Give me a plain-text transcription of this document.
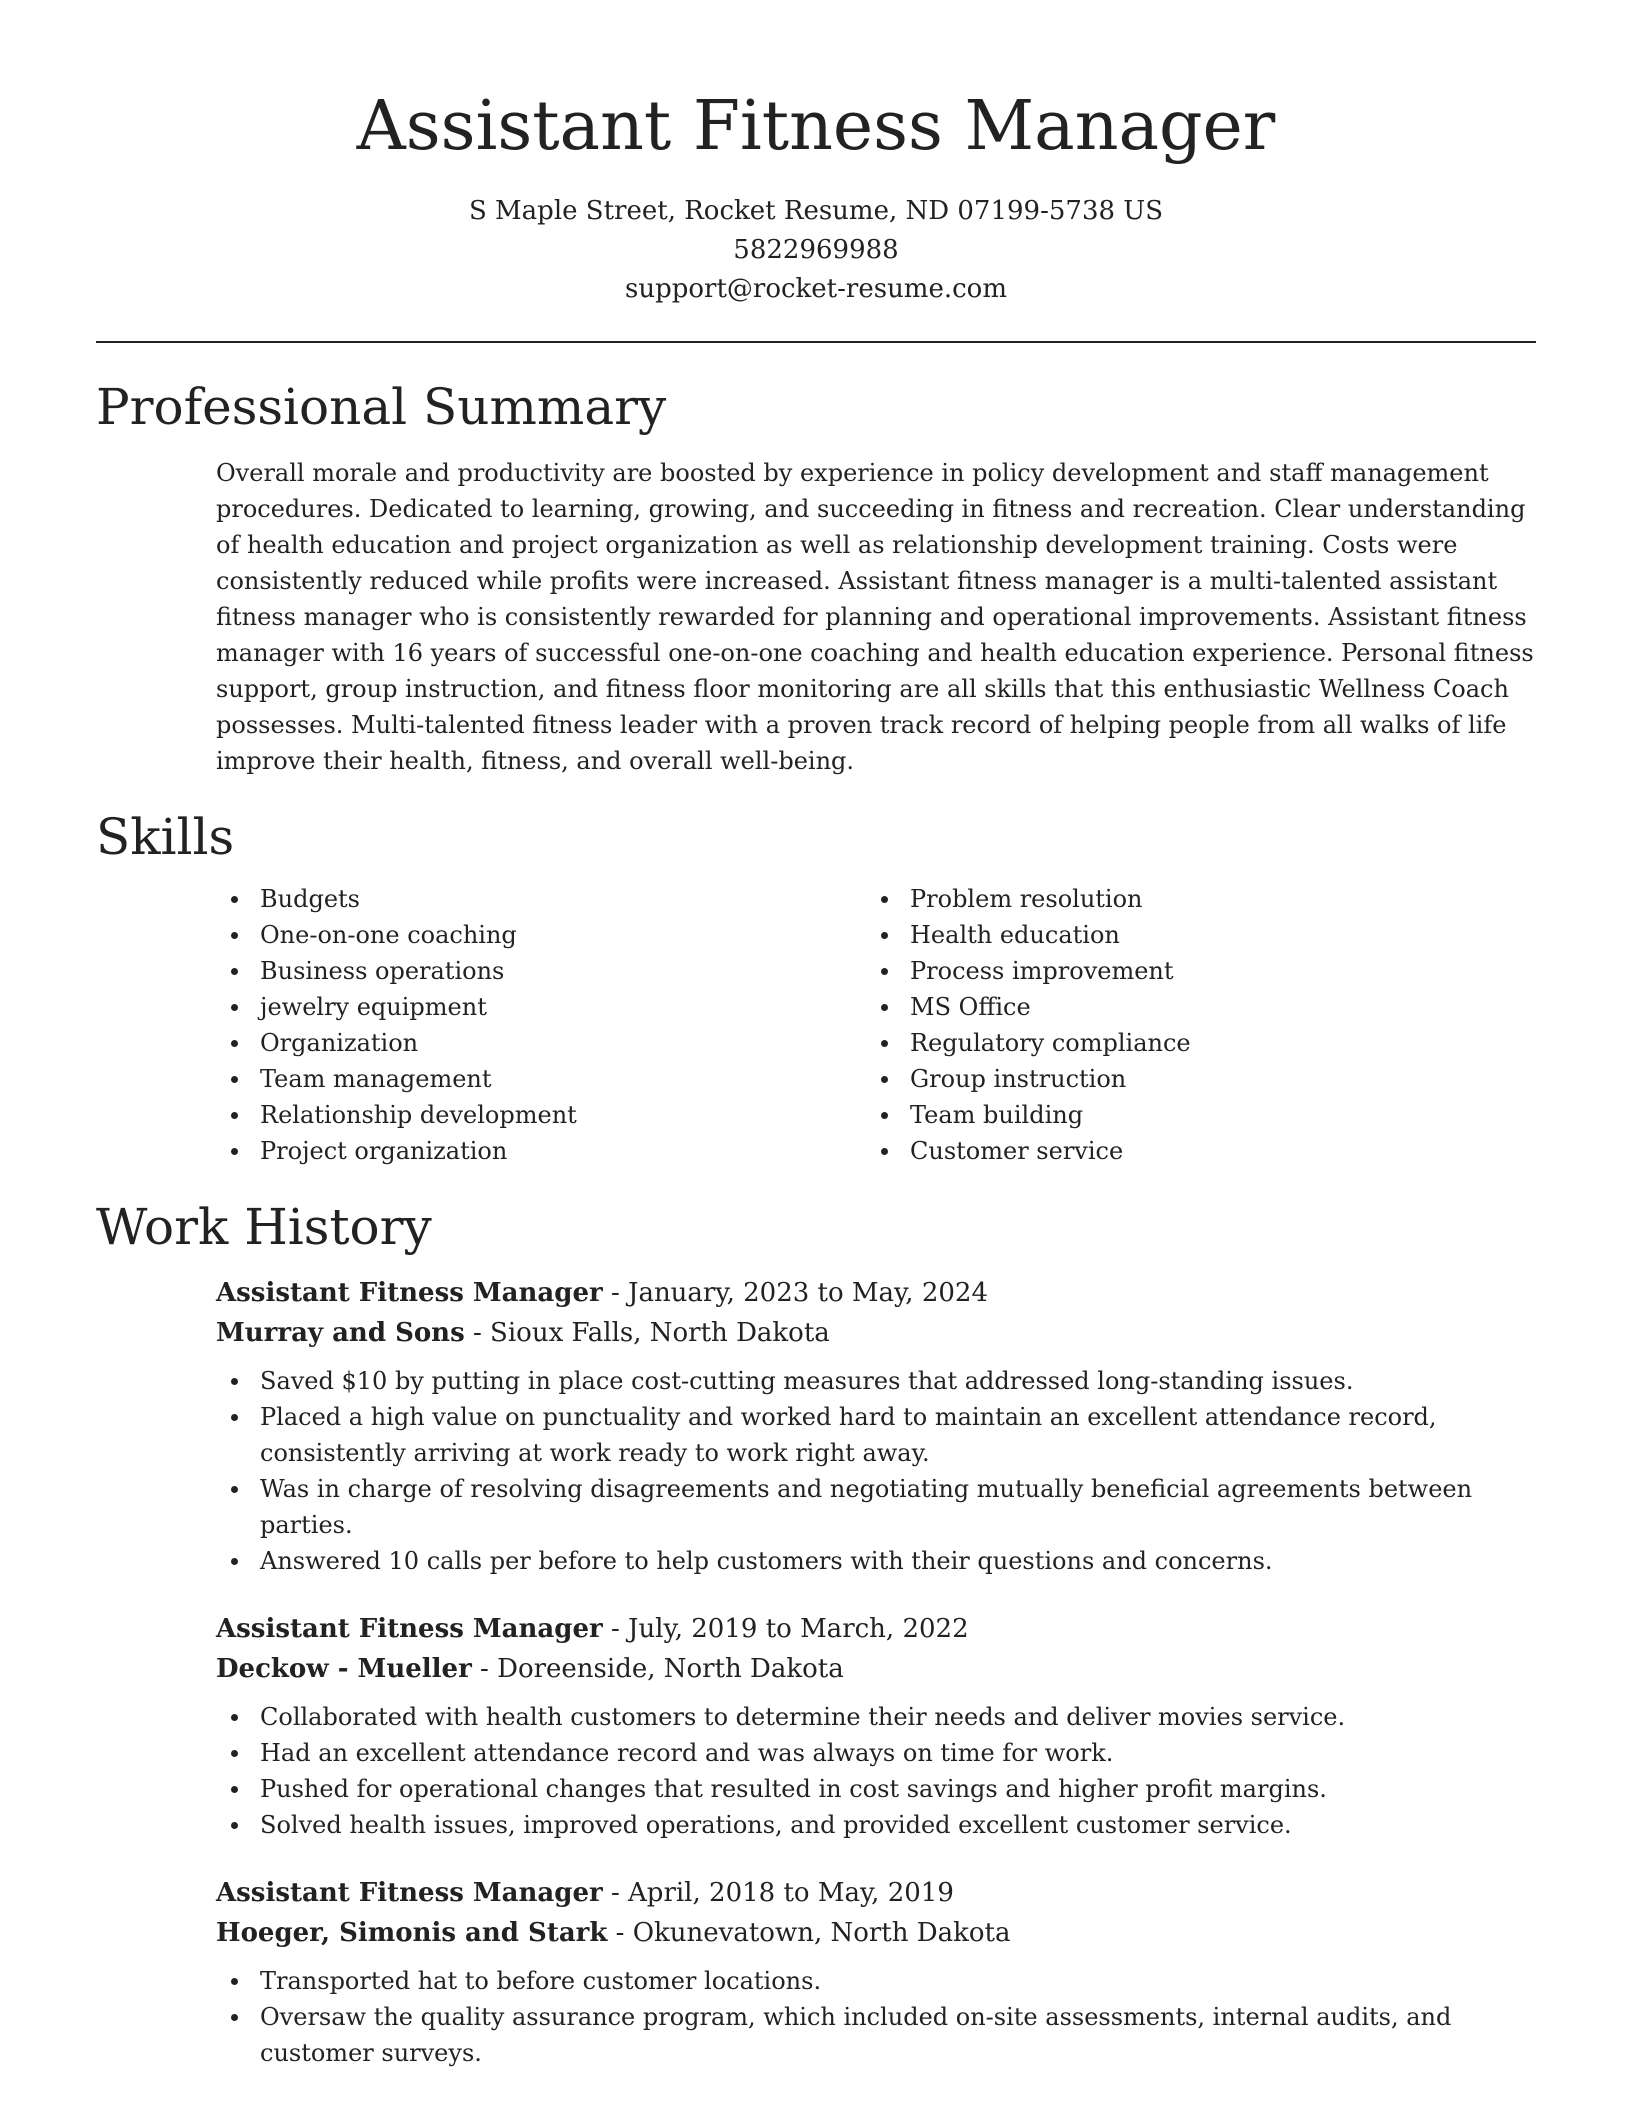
Assistant Fitness Manager
S Maple Street, Rocket Resume, ND 07199-5738 US
5822969988
support@rocket-resume.com
Professional Summary

Overall morale and productivity are boosted by experience in policy development and staff management procedures. Dedicated to learning, growing, and succeeding in fitness and recreation. Clear understanding of health education and project organization as well as relationship development training. Costs were consistently reduced while profits were increased. Assistant fitness manager is a multi-talented assistant fitness manager who is consistently rewarded for planning and operational improvements. Assistant fitness manager with 16 years of successful one-on-one coaching and health education experience. Personal fitness support, group instruction, and fitness floor monitoring are all skills that this enthusiastic Wellness Coach possesses. Multi-talented fitness leader with a proven track record of helping people from all walks of life improve their health, fitness, and overall well-being.

Skills
Budgets
One-on-one coaching
Business operations
jewelry equipment
Organization
Team management
Relationship development
Project organization
Problem resolution
Health education
Process improvement
MS Office
Regulatory compliance
Group instruction
Team building
Customer service
Work History
Assistant Fitness Manager - January, 2023 to May, 2024
Murray and Sons - Sioux Falls, North Dakota
Saved $10 by putting in place cost-cutting measures that addressed long-standing issues.
Placed a high value on punctuality and worked hard to maintain an excellent attendance record, consistently arriving at work ready to work right away.
Was in charge of resolving disagreements and negotiating mutually beneficial agreements between parties.
Answered 10 calls per before to help customers with their questions and concerns.
Assistant Fitness Manager - July, 2019 to March, 2022
Deckow - Mueller - Doreenside, North Dakota
Collaborated with health customers to determine their needs and deliver movies service.
Had an excellent attendance record and was always on time for work.
Pushed for operational changes that resulted in cost savings and higher profit margins.
Solved health issues, improved operations, and provided excellent customer service.
Assistant Fitness Manager - April, 2018 to May, 2019
Hoeger, Simonis and Stark - Okunevatown, North Dakota
Transported hat to before customer locations.
Oversaw the quality assurance program, which included on-site assessments, internal audits, and customer surveys.
